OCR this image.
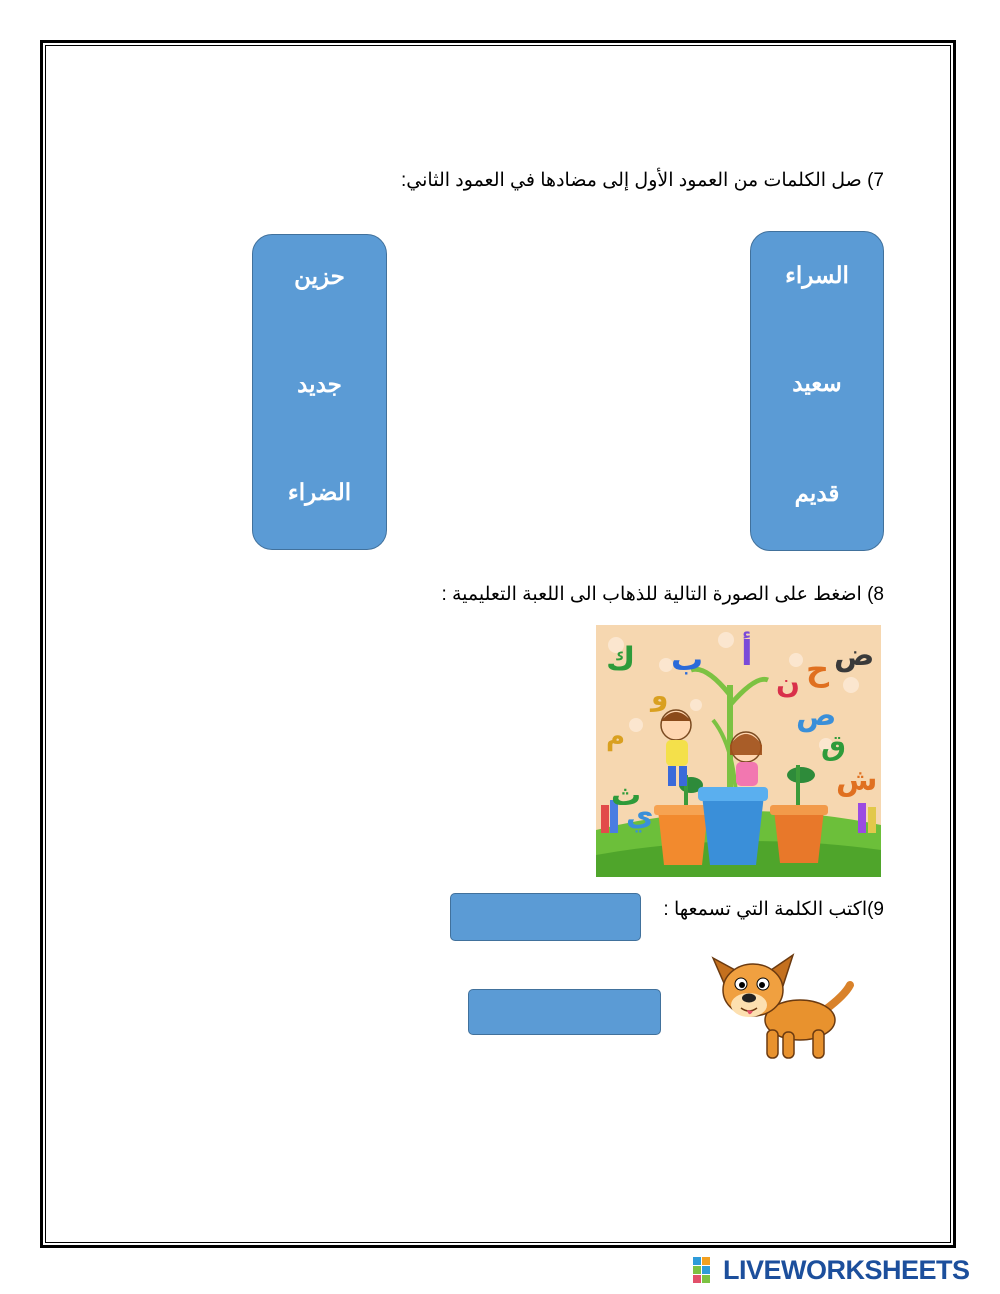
7) صل الكلمات من العمود الأول إلى مضادها في العمود الثاني:
السراء
سعيد
قديم
حزين
جديد
الضراء
8) اضغط على الصورة التالية للذهاب الى اللعبة التعليمية :
ض
ح
ن
أ
ب
ك
و
ص
ق
ش
م
ث
ي
9)اكتب الكلمة التي تسمعها :
LIVEWORKSHEETS
